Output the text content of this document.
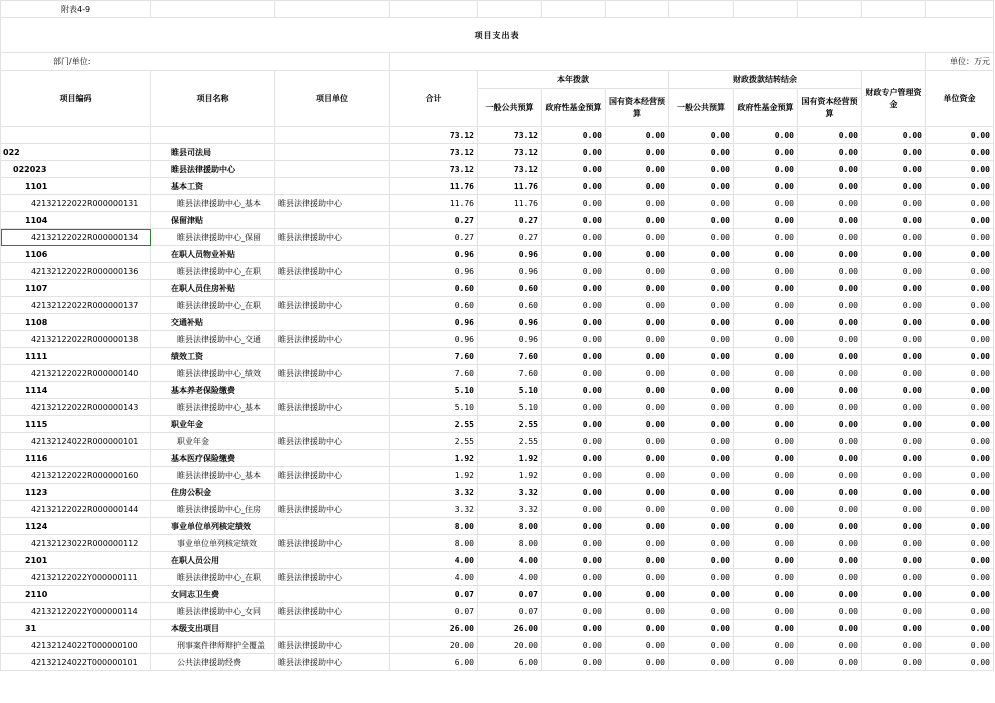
附表4-9											
项目支出表											
部门/单位:											单位：万元
项目编码	项目名称	项目单位	合计	本年拨款			财政拨款结转结余			财政专户管理资金	单位资金
				一般公共预算	政府性基金预算	国有资本经营预算	一般公共预算	政府性基金预算	国有资本经营预算		
			73.12	73.12	0.00	0.00	0.00	0.00	0.00	0.00	0.00
022	睢县司法局		73.12	73.12	0.00	0.00	0.00	0.00	0.00	0.00	0.00
022023	睢县法律援助中心		73.12	73.12	0.00	0.00	0.00	0.00	0.00	0.00	0.00
1101	基本工资		11.76	11.76	0.00	0.00	0.00	0.00	0.00	0.00	0.00
42132122022R000000131	睢县法律援助中心_基本	睢县法律援助中心	11.76	11.76	0.00	0.00	0.00	0.00	0.00	0.00	0.00
1104	保留津贴		0.27	0.27	0.00	0.00	0.00	0.00	0.00	0.00	0.00
42132122022R000000134	睢县法律援助中心_保留	睢县法律援助中心	0.27	0.27	0.00	0.00	0.00	0.00	0.00	0.00	0.00
1106	在职人员物业补贴		0.96	0.96	0.00	0.00	0.00	0.00	0.00	0.00	0.00
42132122022R000000136	睢县法律援助中心_在职	睢县法律援助中心	0.96	0.96	0.00	0.00	0.00	0.00	0.00	0.00	0.00
1107	在职人员住房补贴		0.60	0.60	0.00	0.00	0.00	0.00	0.00	0.00	0.00
42132122022R000000137	睢县法律援助中心_在职	睢县法律援助中心	0.60	0.60	0.00	0.00	0.00	0.00	0.00	0.00	0.00
1108	交通补贴		0.96	0.96	0.00	0.00	0.00	0.00	0.00	0.00	0.00
42132122022R000000138	睢县法律援助中心_交通	睢县法律援助中心	0.96	0.96	0.00	0.00	0.00	0.00	0.00	0.00	0.00
1111	绩效工资		7.60	7.60	0.00	0.00	0.00	0.00	0.00	0.00	0.00
42132122022R000000140	睢县法律援助中心_绩效	睢县法律援助中心	7.60	7.60	0.00	0.00	0.00	0.00	0.00	0.00	0.00
1114	基本养老保险缴费		5.10	5.10	0.00	0.00	0.00	0.00	0.00	0.00	0.00
42132122022R000000143	睢县法律援助中心_基本	睢县法律援助中心	5.10	5.10	0.00	0.00	0.00	0.00	0.00	0.00	0.00
1115	职业年金		2.55	2.55	0.00	0.00	0.00	0.00	0.00	0.00	0.00
42132124022R000000101	职业年金	睢县法律援助中心	2.55	2.55	0.00	0.00	0.00	0.00	0.00	0.00	0.00
1116	基本医疗保险缴费		1.92	1.92	0.00	0.00	0.00	0.00	0.00	0.00	0.00
42132122022R000000160	睢县法律援助中心_基本	睢县法律援助中心	1.92	1.92	0.00	0.00	0.00	0.00	0.00	0.00	0.00
1123	住房公积金		3.32	3.32	0.00	0.00	0.00	0.00	0.00	0.00	0.00
42132122022R000000144	睢县法律援助中心_住房	睢县法律援助中心	3.32	3.32	0.00	0.00	0.00	0.00	0.00	0.00	0.00
1124	事业单位单列核定绩效		8.00	8.00	0.00	0.00	0.00	0.00	0.00	0.00	0.00
42132123022R000000112	事业单位单列核定绩效	睢县法律援助中心	8.00	8.00	0.00	0.00	0.00	0.00	0.00	0.00	0.00
2101	在职人员公用		4.00	4.00	0.00	0.00	0.00	0.00	0.00	0.00	0.00
42132122022Y000000111	睢县法律援助中心_在职	睢县法律援助中心	4.00	4.00	0.00	0.00	0.00	0.00	0.00	0.00	0.00
2110	女同志卫生费		0.07	0.07	0.00	0.00	0.00	0.00	0.00	0.00	0.00
42132122022Y000000114	睢县法律援助中心_女同	睢县法律援助中心	0.07	0.07	0.00	0.00	0.00	0.00	0.00	0.00	0.00
31	本级支出项目		26.00	26.00	0.00	0.00	0.00	0.00	0.00	0.00	0.00
42132124022T000000100	刑事案件律师辩护全覆盖	睢县法律援助中心	20.00	20.00	0.00	0.00	0.00	0.00	0.00	0.00	0.00
42132124022T000000101	公共法律援助经费	睢县法律援助中心	6.00	6.00	0.00	0.00	0.00	0.00	0.00	0.00	0.00
